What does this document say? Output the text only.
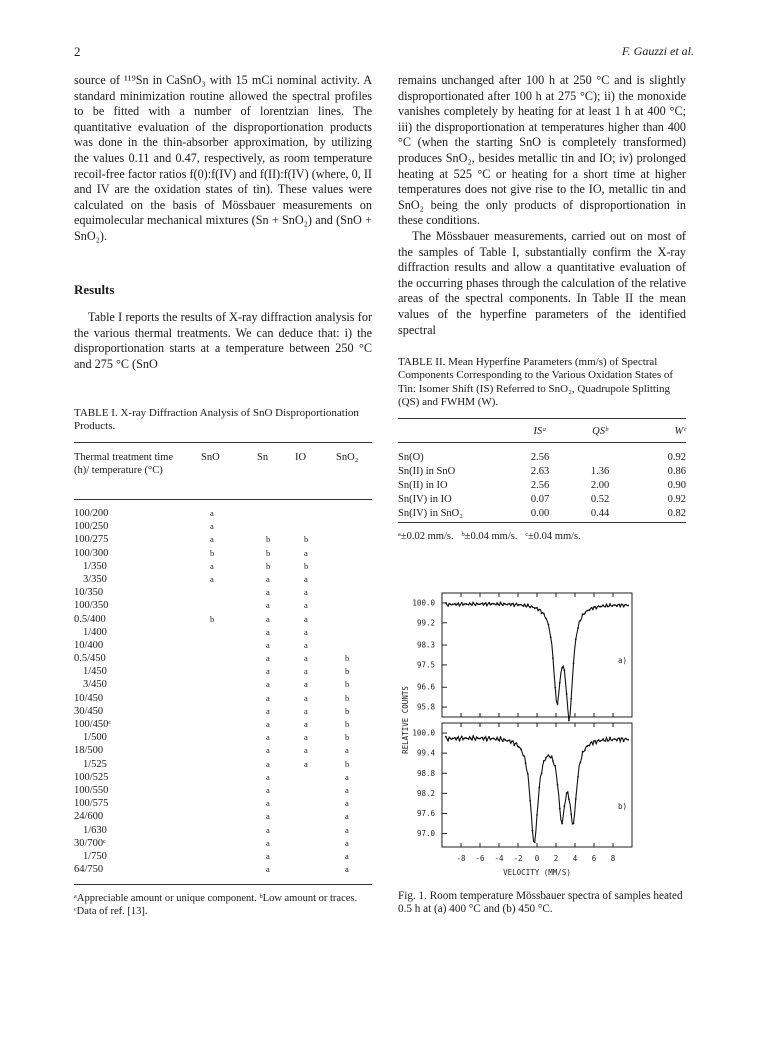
2	F. Gauzzi et al.

source of ¹¹⁹Sn in CaSnO₃ with 15 mCi nominal activity. A standard minimization routine allowed the spectral profiles to be fitted with a number of lorentzian lines. The quantitative evaluation of the disproportionation products was done in the thin-absorber approximation, by utilizing the values 0.11 and 0.47, respectively, as room temperature recoil-free factor ratios f(0):f(IV) and f(II):f(IV) (where, 0, II and IV are the oxidation states of tin). These values were calculated on the basis of Mössbauer measurements on equimolecular mechanical mixtures (Sn + SnO₂) and (SnO + SnO₂).

Results

Table I reports the results of X-ray diffraction analysis for the various thermal treatments. We can deduce that: i) the disproportionation starts at a temperature between 250 °C and 275 °C (SnO

TABLE I. X-ray Diffraction Analysis of SnO Disproportionation Products.
Thermal treatment time (h)/ temperature (°C)
SnO	Sn	IO	SnO₂
100/200	a			
100/250	a			
100/275	a	b	b	
100/300	b	b	a	
1/350	a	b	b	
3/350	a	a	a	
10/350		a	a	
100/350		a	a	
0.5/400	b	a	a	
1/400		a	a	
10/400		a	a	
0.5/450		a	a	b
1/450		a	a	b
3/450		a	a	b
10/450		a	a	b
30/450		a	a	b
100/450ᶜ		a	a	b
1/500		a	a	b
18/500		a	a	a
1/525		a	a	b
100/525		a		a
100/550		a		a
100/575		a		a
24/600		a		a
1/630		a		a
30/700ᶜ		a		a
1/750		a		a
64/750		a		a
ᵃAppreciable amount or unique component. ᵇLow amount or traces. ᶜData of ref. [13].

remains unchanged after 100 h at 250 °C and is slightly disproportionated after 100 h at 275 °C); ii) the monoxide vanishes completely by heating for at least 1 h at 400 °C; iii) the disproportionation at temperatures higher than 400 °C (when the starting SnO is completely transformed) produces SnO₂, besides metallic tin and IO; iv) prolonged heating at 525 °C or heating for a short time at higher temperatures does not give rise to the IO, metallic tin and SnO₂ being the only products of disproportionation in these conditions.

The Mössbauer measurements, carried out on most of the samples of Table I, substantially confirm the X-ray diffraction results and allow a quantitative evaluation of the occurring phases through the calculation of the relative areas of the spectral components. In Table II the mean values of the hyperfine parameters of the identified spectral

TABLE II. Mean Hyperfine Parameters (mm/s) of Spectral Components Corresponding to the Various Oxidation States of Tin: Isomer Shift (IS) Referred to SnO₂, Quadrupole Splitting (QS) and FWHM (W).
	ISᵃ	QSᵇ	Wᶜ
Sn(O)	2.56		0.92
Sn(II) in SnO	2.63	1.36	0.86
Sn(II) in IO	2.56	2.00	0.90
Sn(IV) in IO	0.07	0.52	0.92
Sn(IV) in SnO₂	0.00	0.44	0.82
ᵃ±0.02 mm/s.   ᵇ±0.04 mm/s.   ᶜ±0.04 mm/s.
100.0
99.2
98.3
97.5
96.6
95.8
a)
100.0
99.4
98.8
98.2
97.6
97.0
b)
-8 -6 -4 -2 0 2 4 6 8
VELOCITY (MM/S)
RELATIVE COUNTS
Fig. 1. Room temperature Mössbauer spectra of samples heated 0.5 h at (a) 400 °C and (b) 450 °C.
